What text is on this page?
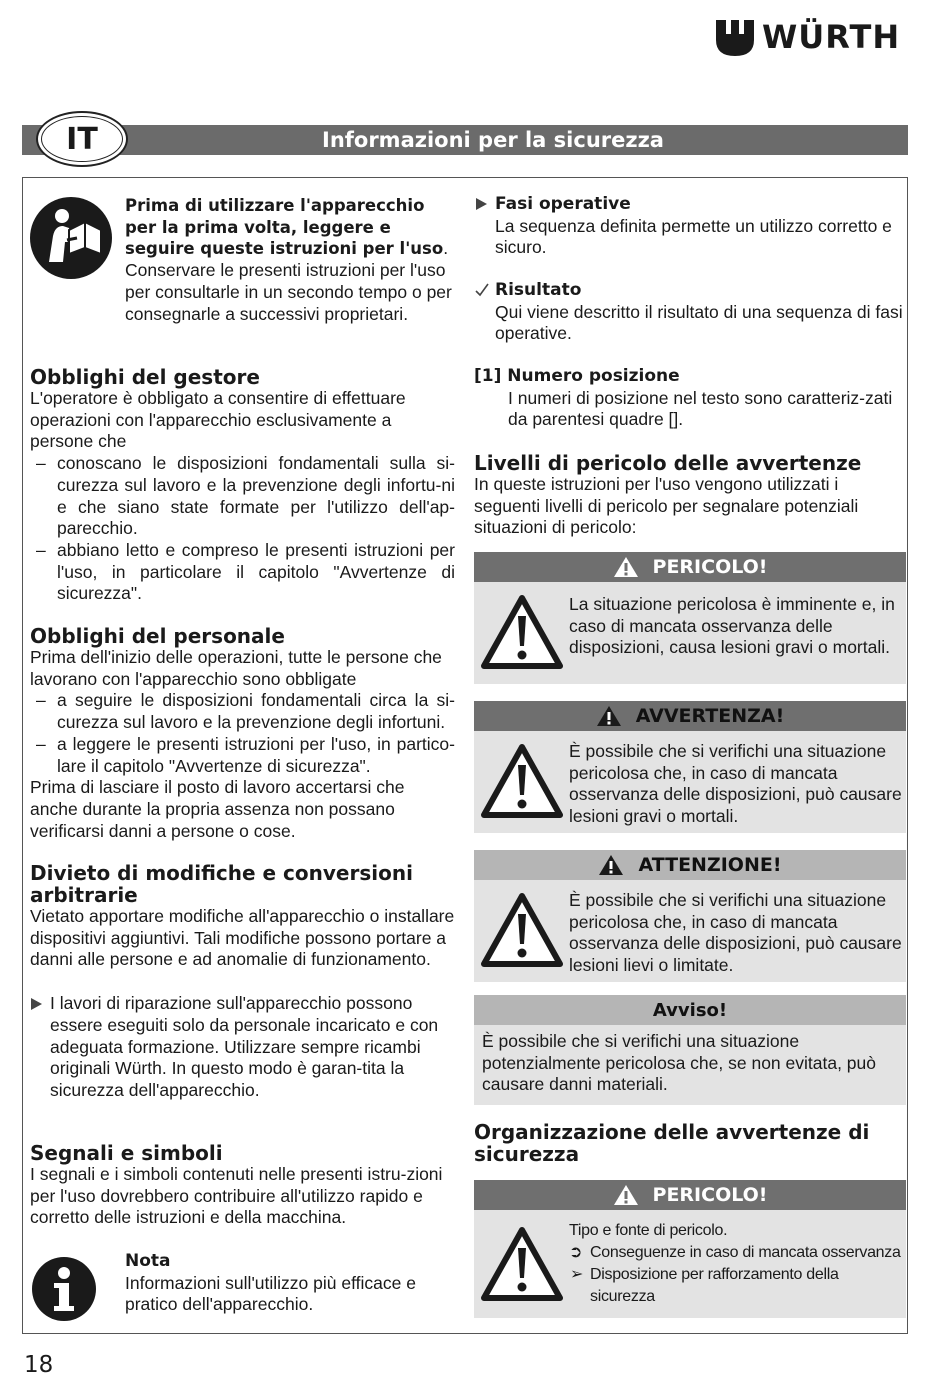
WÜRTH
Informazioni per la sicurezza
IT

Prima di utilizzare l'apparecchio per la prima volta, leggere e seguire queste istruzioni per l'uso. Conservare le presenti istruzioni per l'uso per consultarle in un secondo tempo o per consegnarle a successivi proprietari.

Obblighi del gestore

L'operatore è obbligato a consentire di effettuare operazioni con l'apparecchio esclusivamente a persone che

– conoscano le disposizioni fondamentali sulla si-curezza sul lavoro e la prevenzione degli infortu-ni e che siano state formate per l'utilizzo dell'ap-parecchio.

– abbiano letto e compreso le presenti istruzioni per l'uso, in particolare il capitolo "Avvertenze di sicurezza".

Obblighi del personale

Prima dell'inizio delle operazioni, tutte le persone che lavorano con l'apparecchio sono obbligate

– a seguire le disposizioni fondamentali circa la si-curezza sul lavoro e la prevenzione degli infortuni.

– a leggere le presenti istruzioni per l'uso, in partico-lare il capitolo "Avvertenze di sicurezza".

Prima di lasciare il posto di lavoro accertarsi che anche durante la propria assenza non possano verificarsi danni a persone o cose.

Divieto di modifiche e conversioni arbitrarie

Vietato apportare modifiche all'apparecchio o installare dispositivi aggiuntivi. Tali modifiche possono portare a danni alle persone e ad anomalie di funzionamento.

I lavori di riparazione sull'apparecchio possono essere eseguiti solo da personale incaricato e con adeguata formazione. Utilizzare sempre ricambi originali Würth. In questo modo è garan-tita la sicurezza dell'apparecchio.

Segnali e simboli

I segnali e i simboli contenuti nelle presenti istru-zioni per l'uso dovrebbero contribuire all'utilizzo rapido e corretto delle istruzioni e della macchina.

Nota

Informazioni sull'utilizzo più efficace e pratico dell'apparecchio.

Fasi operative

La sequenza definita permette un utilizzo corretto e sicuro.

Risultato

Qui viene descritto il risultato di una sequenza di fasi operative.

[1] Numero posizione

I numeri di posizione nel testo sono caratteriz-zati da parentesi quadre [].

Livelli di pericolo delle avvertenze

In queste istruzioni per l'uso vengono utilizzati i seguenti livelli di pericolo per segnalare potenziali situazioni di pericolo:

PERICOLO!

La situazione pericolosa è imminente e, in caso di mancata osservanza delle disposizioni, causa lesioni gravi o mortali.

AVVERTENZA!

È possibile che si verifichi una situazione pericolosa che, in caso di mancata osservanza delle disposizioni, può causare lesioni gravi o mortali.

ATTENZIONE!

È possibile che si verifichi una situazione pericolosa che, in caso di mancata osservanza delle disposizioni, può causare lesioni lievi o limitate.

Avviso!

È possibile che si verifichi una situazione potenzialmente pericolosa che, se non evitata, può causare danni materiali.

Organizzazione delle avvertenze di sicurezza
PERICOLO!
Tipo e fonte di pericolo.
➲ Conseguenze in caso di mancata osservanza
➢ Disposizione per rafforzamento della sicurezza
18
